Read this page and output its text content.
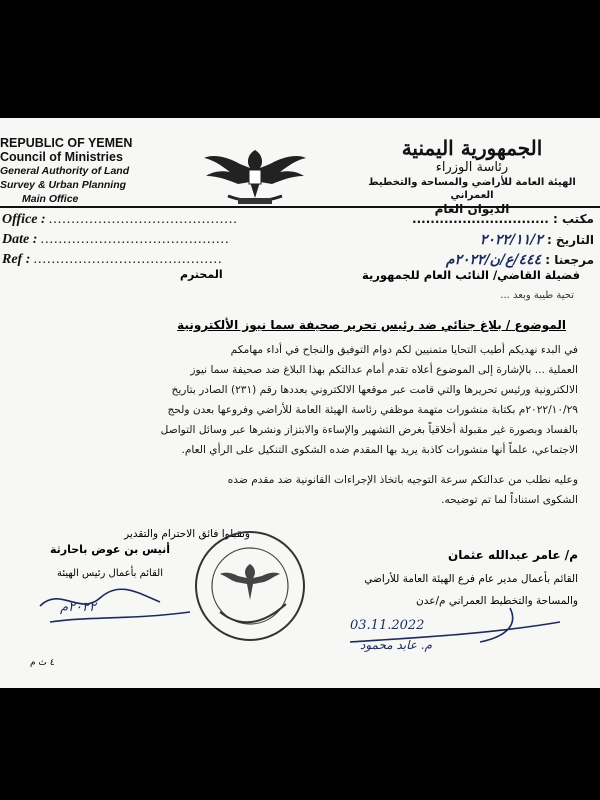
REPUBLIC OF YEMEN
Council of Ministries
General Authority of Land
Survey & Urban Planning
Main Office
الجمهورية اليمنية
رئاسة الوزراء
الهيئة العامة للأراضي والمساحة والتخطيط العمراني
الديوان العام
Office : ..........................................
Date : ..........................................
Ref : ..........................................
مكتب : ..............................
التاريخ : ٢٠٢٢/١١/٢
مرجعنا : ٤٤٤/ع/ن/٢٠٢٢م
فضيلة القاضي/ النائب العام للجمهورية
المحترم
تحية طيبة وبعد ...
الموضوع / بلاغ جنائي ضد رئيس تحرير صحيفة سما نيوز الألكترونية

في البدء نهديكم أطيب التحايا متمنيين لكم دوام التوفيق والنجاح في أداء مهامكم

العملية ... بالإشارة إلى الموضوع أعلاه تقدم أمام عدالتكم بهذا البلاغ ضد صحيفة سما نيوز

الالكترونية ورئيس تحريرها والتي قامت عبر موقعها الالكتروني بعددها رقم (٢٣١) الصادر بتاريخ

٢٠٢٢/١٠/٢٩م بكتابة منشورات متهمة موظفي رئاسة الهيئة العامة للأراضي وفروعها بعدن ولحج

بالفساد وبصورة غير مقبولة أخلاقياً بغرض التشهير والإساءة والابتزاز ونشرها عبر وسائل التواصل

الاجتماعي، علماً أنها منشورات كاذبة يريد بها المقدم ضده الشكوى التنكيل على الرأي العام.

وعليه نطلب من عدالتكم سرعة التوجيه باتخاذ الإجراءات القانونية ضد مقدم ضده

الشكوى استناداً لما تم توضيحه.

وتقبلوا فائق الاحترام والتقدير
م/ عامر عبدالله عثمان
القائم بأعمال مدير عام فرع الهيئة العامة للأراضي
والمساحة والتخطيط العمراني م/عدن
أنيس بن عوض باحارثة
القائم بأعمال رئيس الهيئة
٢٠٢٢م
03.11.2022
م. عابد محمود
٤ ث م
